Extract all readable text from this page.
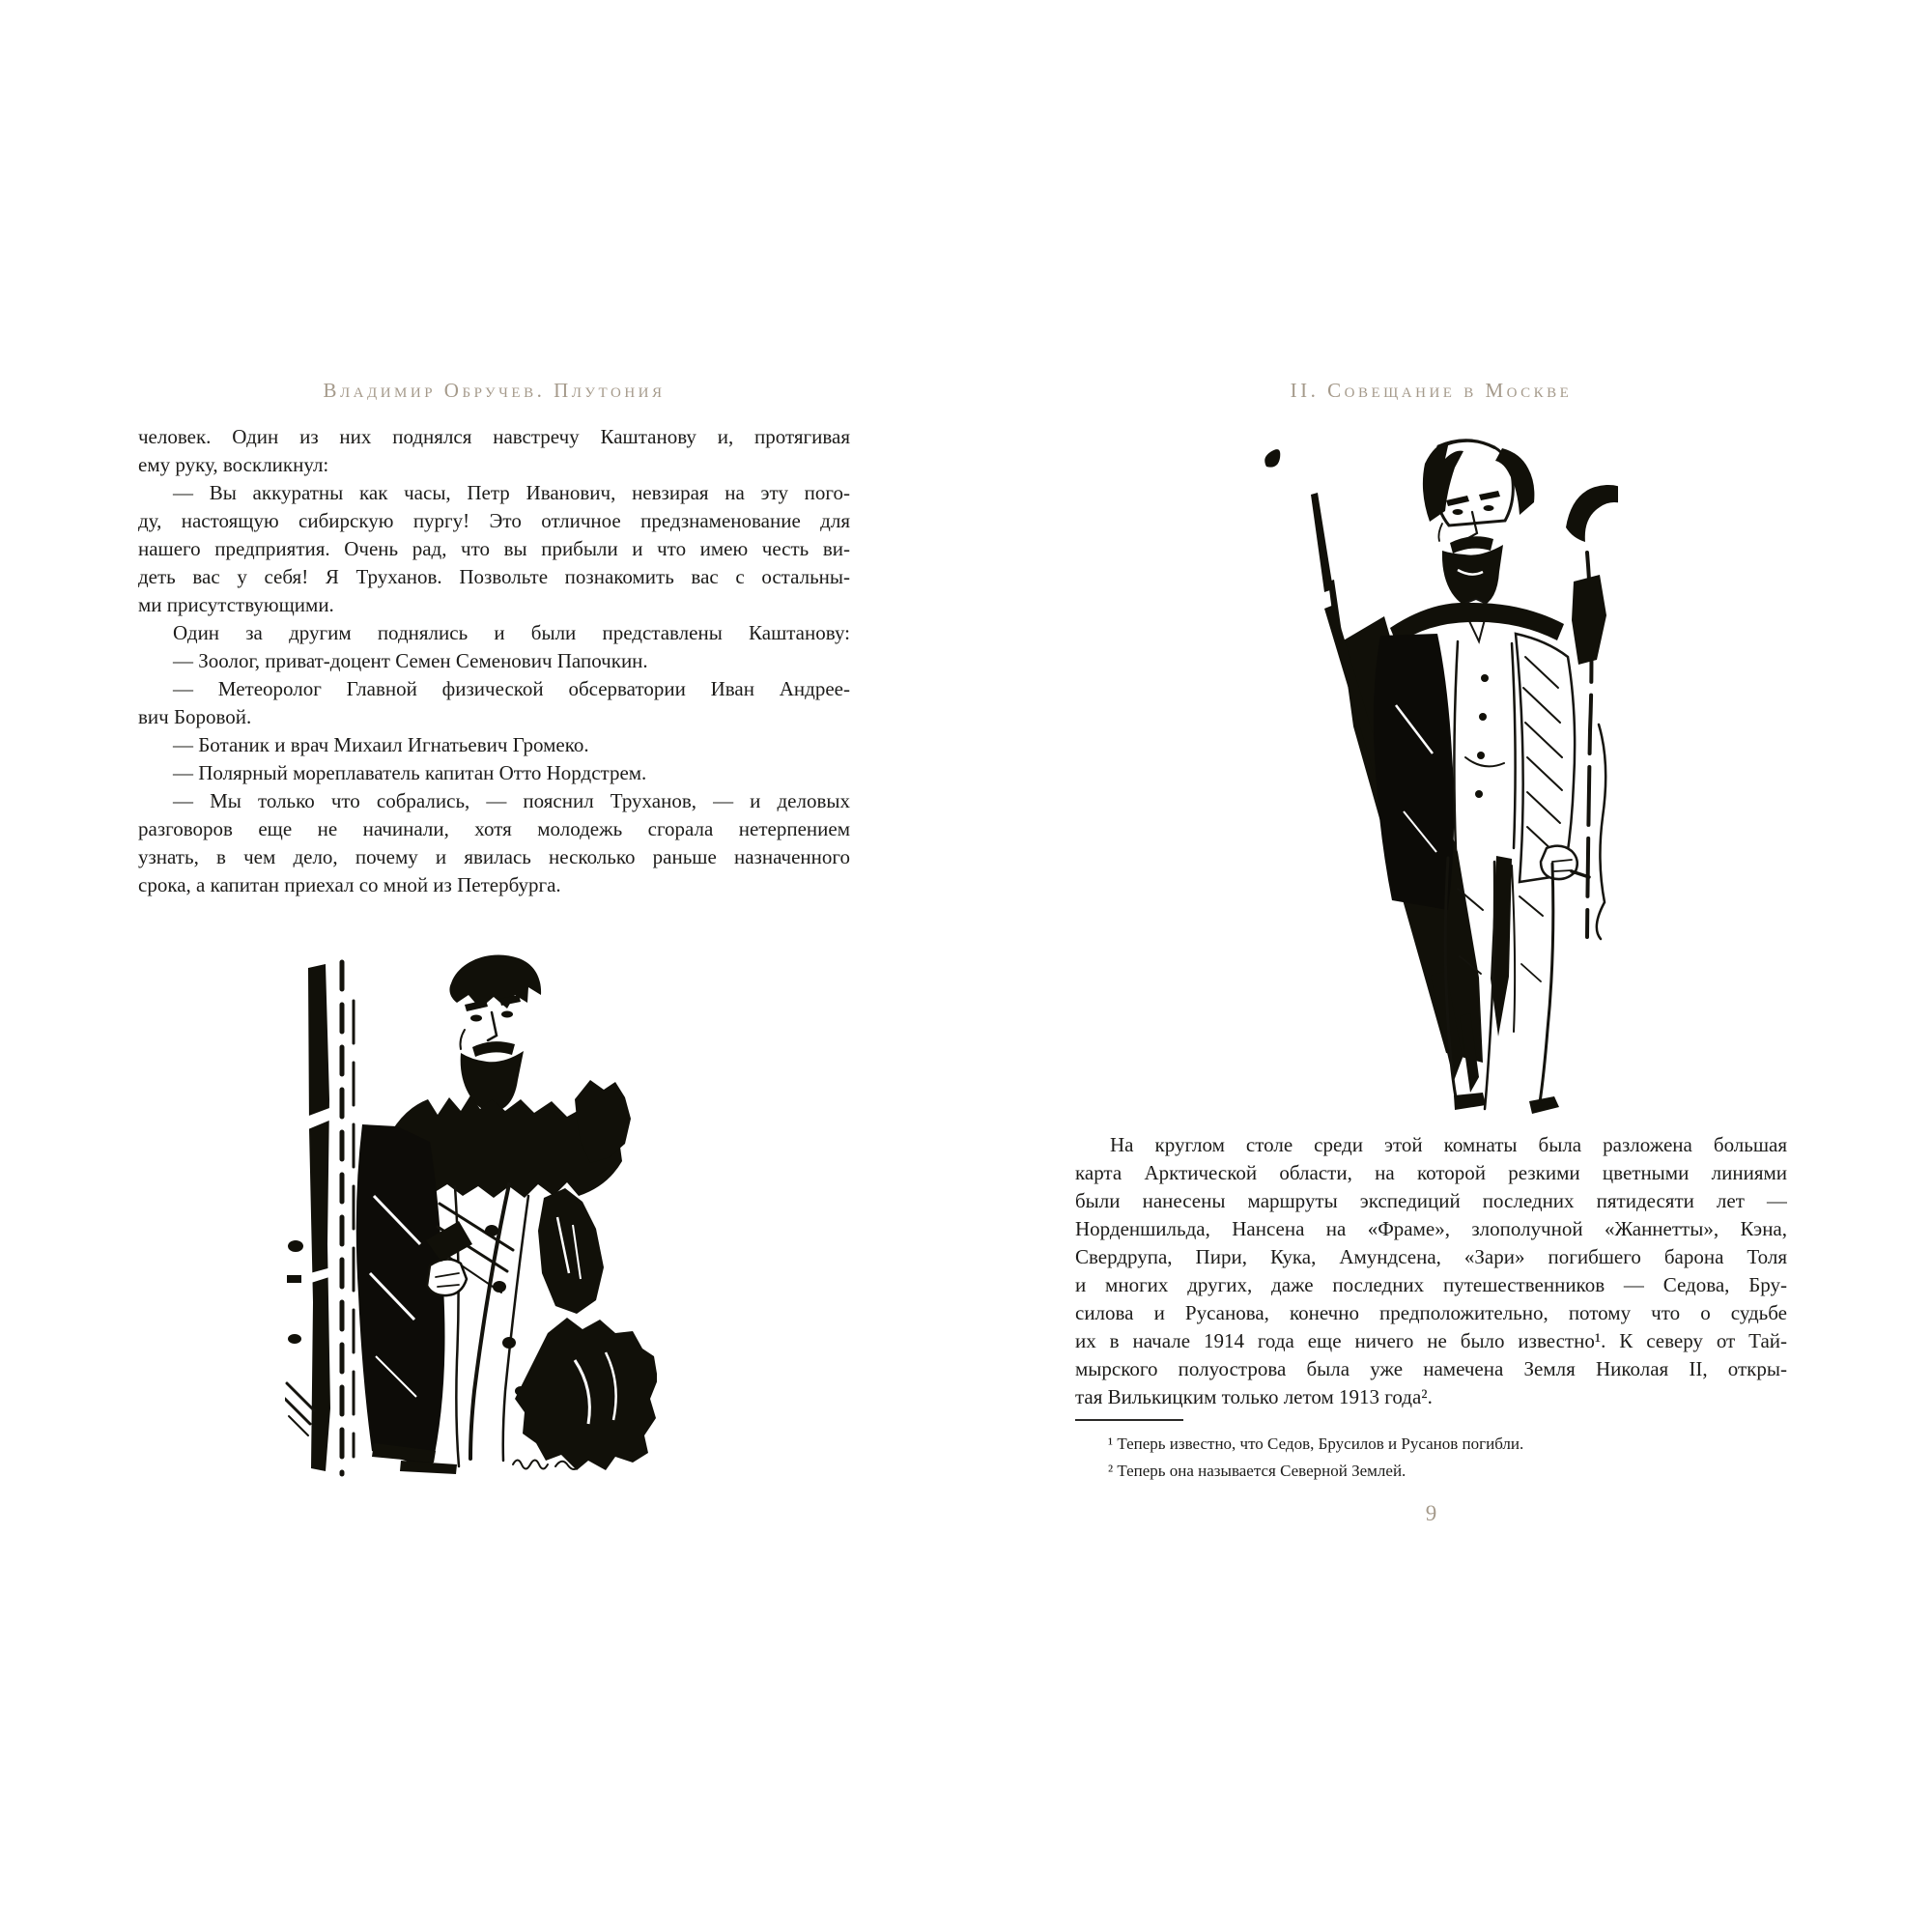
Владимир Обручев. Плутония
человек. Один из них поднялся навстречу Каштанову и, протягивая
ему руку, воскликнул:
— Вы аккуратны как часы, Петр Иванович, невзирая на эту пого-
ду, настоящую сибирскую пургу! Это отличное предзнаменование для
нашего предприятия. Очень рад, что вы прибыли и что имею честь ви-
деть вас у себя! Я Труханов. Позвольте познакомить вас с остальны-
ми присутствующими.
Один за другим поднялись и были представлены Каштанову:
— Зоолог, приват-доцент Семен Семенович Папочкин.
— Метеоролог Главной физической обсерватории Иван Андрее-
вич Боровой.
— Ботаник и врач Михаил Игнатьевич Громеко.
— Полярный мореплаватель капитан Отто Нордстрем.
— Мы только что собрались, — пояснил Труханов, — и деловых
разговоров еще не начинали, хотя молодежь сгорала нетерпением
узнать, в чем дело, почему и явилась несколько раньше назначенного
срока, а капитан приехал со мной из Петербурга.
II. Совещание в Москве
На круглом столе среди этой комнаты была разложена большая
карта Арктической области, на которой резкими цветными линиями
были нанесены маршруты экспедиций последних пятидесяти лет —
Норденшильда, Нансена на «Фраме», злополучной «Жаннетты», Кэна,
Свердрупа, Пири, Кука, Амундсена, «Зари» погибшего барона Толя
и многих других, даже последних путешественников — Седова, Бру-
силова и Русанова, конечно предположительно, потому что о судьбе
их в начале 1914 года еще ничего не было известно¹. К северу от Тай-
мырского полуострова была уже намечена Земля Николая II, откры-
тая Вилькицким только летом 1913 года².
¹ Теперь известно, что Седов, Брусилов и Русанов погибли.
² Теперь она называется Северной Землей.
9
